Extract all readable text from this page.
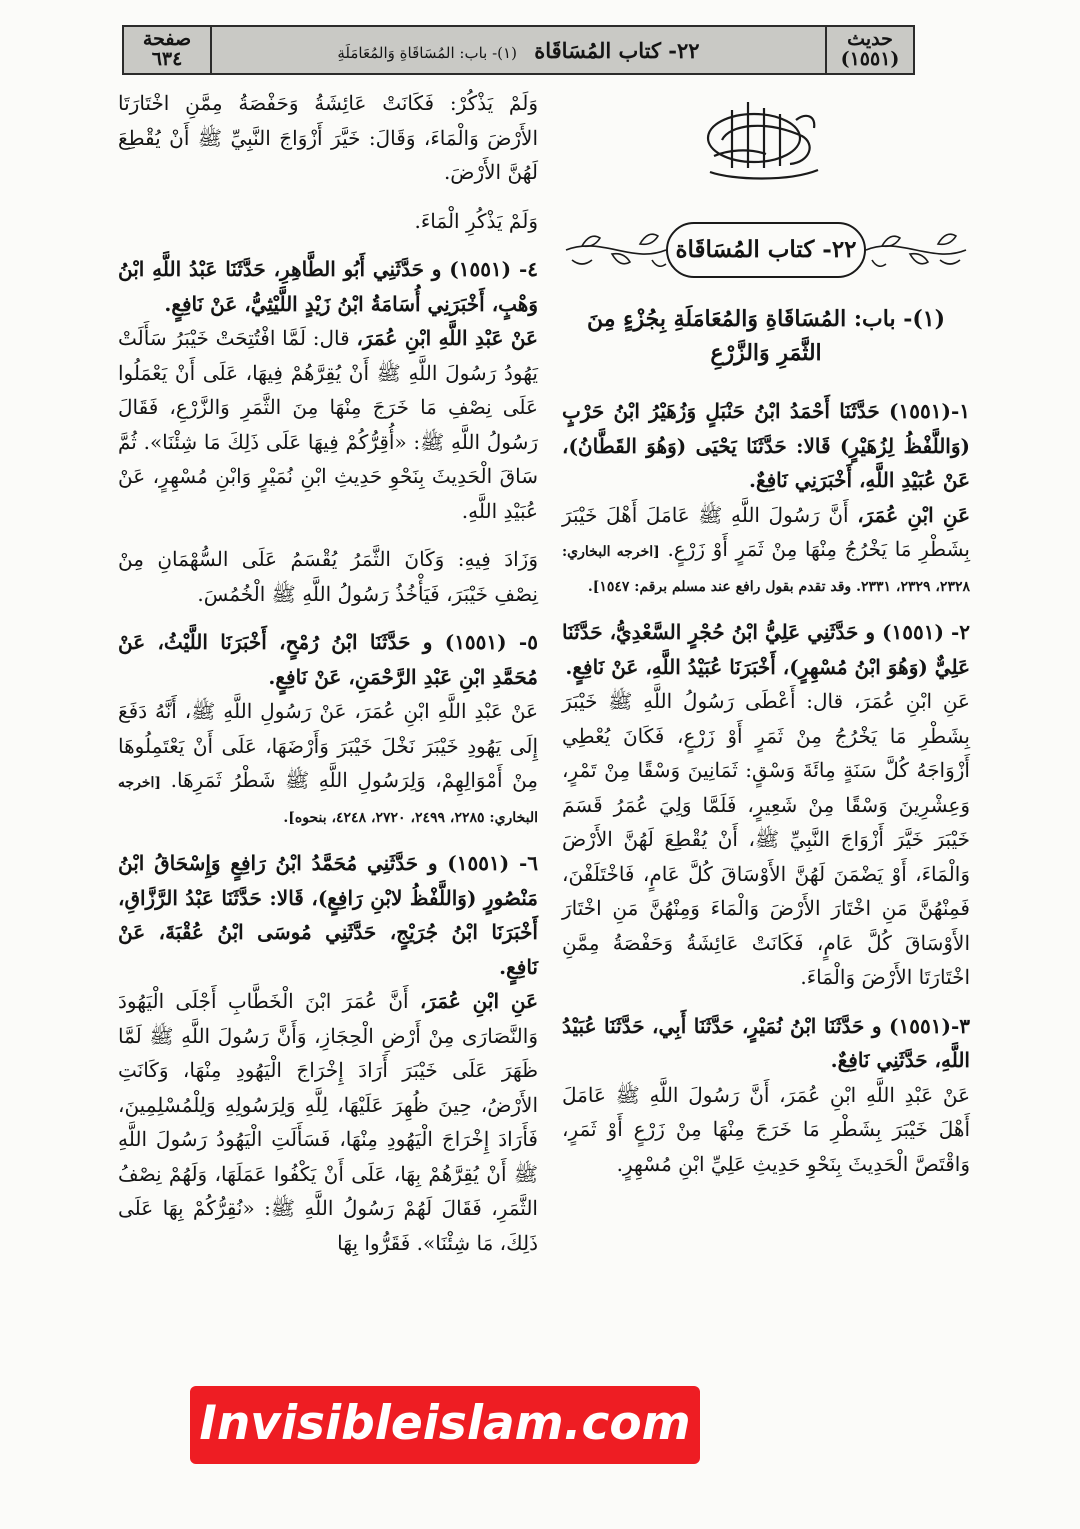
حديث
(١٥٥١)
٢٢- كتاب المُسَاقَاة (١)- باب: المُسَاقَاةِ وَالمُعَامَلَةِ
صفحة
٦٣٤
٢٢- كتاب المُسَاقَاة
(١)- باب: المُسَاقَاةِ وَالمُعَامَلَةِ بِجُزْءٍ مِنَ الثَّمَرِ وَالزَّرْعِ

١-(١٥٥١) حَدَّثَنَا أَحْمَدُ ابْنُ حَنْبَلٍ وَزُهَيْرُ ابْنُ حَرْبٍ (وَاللَّفْظُ لِزُهَيْرٍ) قَالا: حَدَّثَنَا يَحْيَى (وَهُوَ القَطَّانُ)، عَنْ عُبَيْدِ اللَّهِ، أَخْبَرَنِي نَافِعٌ.
عَنِ ابْنِ عُمَرَ، أَنَّ رَسُولَ اللَّهِ ﷺ عَامَلَ أَهْلَ خَيْبَرَ بِشَطْرِ مَا يَخْرُجُ مِنْهَا مِنْ ثَمَرٍ أَوْ زَرْعٍ. [اخرجه البخاري: ٢٣٢٨، ٢٣٢٩، ٢٣٣١. وقد تقدم بقول رافع عند مسلم برقم: ١٥٤٧].

٢- (١٥٥١) و حَدَّثَنِي عَلِيُّ ابْنُ حُجْرٍ السَّعْدِيُّ، حَدَّثَنَا عَلِيٌّ (وَهُوَ ابْنُ مُسْهِرٍ)، أَخْبَرَنَا عُبَيْدُ اللَّهِ، عَنْ نَافِعٍ.
عَنِ ابْنِ عُمَرَ، قال: أَعْطَى رَسُولُ اللَّهِ ﷺ خَيْبَرَ بِشَطْرِ مَا يَخْرُجُ مِنْ ثَمَرٍ أَوْ زَرْعٍ، فَكَانَ يُعْطِي أَزْوَاجَهُ كُلَّ سَنَةٍ مِائَةَ وَسْقٍ: ثَمَانِينَ وَسْقًا مِنْ تَمْرٍ، وَعِشْرِينَ وَسْقًا مِنْ شَعِيرٍ، فَلَمَّا وَلِيَ عُمَرُ قَسَمَ خَيْبَرَ خَيَّرَ أَزْوَاجَ النَّبِيِّ ﷺ، أَنْ يُقْطِعَ لَهُنَّ الأَرْضَ وَالْمَاءَ، أَوْ يَضْمَنَ لَهُنَّ الأَوْسَاقَ كُلَّ عَامٍ، فَاخْتَلَفْنَ، فَمِنْهُنَّ مَنِ اخْتَارَ الأَرْضَ وَالْمَاءَ وَمِنْهُنَّ مَنِ اخْتَارَ الأَوْسَاقَ كُلَّ عَامٍ، فَكَانَتْ عَائِشَةُ وَحَفْصَةُ مِمَّنِ اخْتَارَتَا الأَرْضَ وَالْمَاءَ.

٣-(١٥٥١) و حَدَّثَنَا ابْنُ نُمَيْرٍ، حَدَّثَنَا أَبِي، حَدَّثَنَا عُبَيْدُ اللَّهِ، حَدَّثَنِي نَافِعٌ.
عَنْ عَبْدِ اللَّهِ ابْنِ عُمَرَ، أَنَّ رَسُولَ اللَّهِ ﷺ عَامَلَ أَهْلَ خَيْبَرَ بِشَطْرِ مَا خَرَجَ مِنْهَا مِنْ زَرْعٍ أَوْ ثَمَرٍ، وَاقْتَصَّ الْحَدِيثَ بِنَحْوِ حَدِيثِ عَلِيِّ ابْنِ مُسْهِرٍ.

وَلَمْ يَذْكُرْ: فَكَانَتْ عَائِشَةُ وَحَفْصَةُ مِمَّنِ اخْتَارَتَا الأَرْضَ وَالْمَاءَ، وَقَالَ: خَيَّرَ أَزْوَاجَ النَّبِيِّ ﷺ أَنْ يُقْطِعَ لَهُنَّ الأَرْضَ.

وَلَمْ يَذْكُرِ الْمَاءَ.

٤- (١٥٥١) و حَدَّثَنِي أَبُو الطَّاهِرِ، حَدَّثَنَا عَبْدُ اللَّهِ ابْنُ وَهْبٍ، أَخْبَرَنِي أُسَامَةُ ابْنُ زَيْدٍ اللَّيْثِيُّ، عَنْ نَافِعٍ.
عَنْ عَبْدِ اللَّهِ ابْنِ عُمَرَ، قال: لَمَّا افْتُتِحَتْ خَيْبَرُ سَأَلَتْ يَهُودُ رَسُولَ اللَّهِ ﷺ أَنْ يُقِرَّهُمْ فِيهَا، عَلَى أَنْ يَعْمَلُوا عَلَى نِصْفِ مَا خَرَجَ مِنْهَا مِنَ الثَّمَرِ وَالزَّرْعِ، فَقَالَ رَسُولُ اللَّهِ ﷺ: «أُقِرُّكُمْ فِيهَا عَلَى ذَلِكَ مَا شِئْنَا». ثُمَّ سَاقَ الْحَدِيثَ بِنَحْوِ حَدِيثِ ابْنِ نُمَيْرٍ وَابْنِ مُسْهِرٍ، عَنْ عُبَيْدِ اللَّهِ.

وَزَادَ فِيهِ: وَكَانَ الثَّمَرُ يُقْسَمُ عَلَى السُّهْمَانِ مِنْ نِصْفِ خَيْبَرَ، فَيَأْخُذُ رَسُولُ اللَّهِ ﷺ الْخُمُسَ.

٥- (١٥٥١) و حَدَّثَنَا ابْنُ رُمْحٍ، أَخْبَرَنَا اللَّيْثُ، عَنْ مُحَمَّدِ ابْنِ عَبْدِ الرَّحْمَنِ، عَنْ نَافِعٍ.
عَنْ عَبْدِ اللَّهِ ابْنِ عُمَرَ، عَنْ رَسُولِ اللَّهِ ﷺ، أَنَّهُ دَفَعَ إِلَى يَهُودِ خَيْبَرَ نَخْلَ خَيْبَرَ وَأَرْضَهَا، عَلَى أَنْ يَعْتَمِلُوهَا مِنْ أَمْوَالِهِمْ، وَلِرَسُولِ اللَّهِ ﷺ شَطْرُ ثَمَرِهَا. [اخرجه البخاري: ٢٢٨٥، ٢٤٩٩، ٢٧٢٠، ٤٢٤٨، بنحوه].

٦- (١٥٥١) و حَدَّثَنِي مُحَمَّدُ ابْنُ رَافِعٍ وَإِسْحَاقُ ابْنُ مَنْصُورٍ (وَاللَّفْظُ لابْنِ رَافِعٍ)، قَالا: حَدَّثَنَا عَبْدُ الرَّزَّاقِ، أَخْبَرَنَا ابْنُ جُرَيْجٍ، حَدَّثَنِي مُوسَى ابْنُ عُقْبَةَ، عَنْ نَافِعٍ.
عَنِ ابْنِ عُمَرَ، أَنَّ عُمَرَ ابْنَ الْخَطَّابِ أَجْلَى الْيَهُودَ وَالنَّصَارَى مِنْ أَرْضِ الْحِجَازِ، وَأَنَّ رَسُولَ اللَّهِ ﷺ لَمَّا ظَهَرَ عَلَى خَيْبَرَ أَرَادَ إِخْرَاجَ الْيَهُودِ مِنْهَا، وَكَانَتِ الأَرْضُ، حِينَ ظُهِرَ عَلَيْهَا، لِلَّهِ وَلِرَسُولِهِ وَلِلْمُسْلِمِينَ، فَأَرَادَ إِخْرَاجَ الْيَهُودِ مِنْهَا، فَسَأَلَتِ الْيَهُودُ رَسُولَ اللَّهِ ﷺ أَنْ يُقِرَّهُمْ بِهَا، عَلَى أَنْ يَكْفُوا عَمَلَهَا، وَلَهُمْ نِصْفُ الثَّمَرِ، فَقَالَ لَهُمْ رَسُولُ اللَّهِ ﷺ: «نُقِرُّكُمْ بِهَا عَلَى ذَلِكَ، مَا شِئْنَا». فَقَرُّوا بِهَا

Invisibleislam.com
